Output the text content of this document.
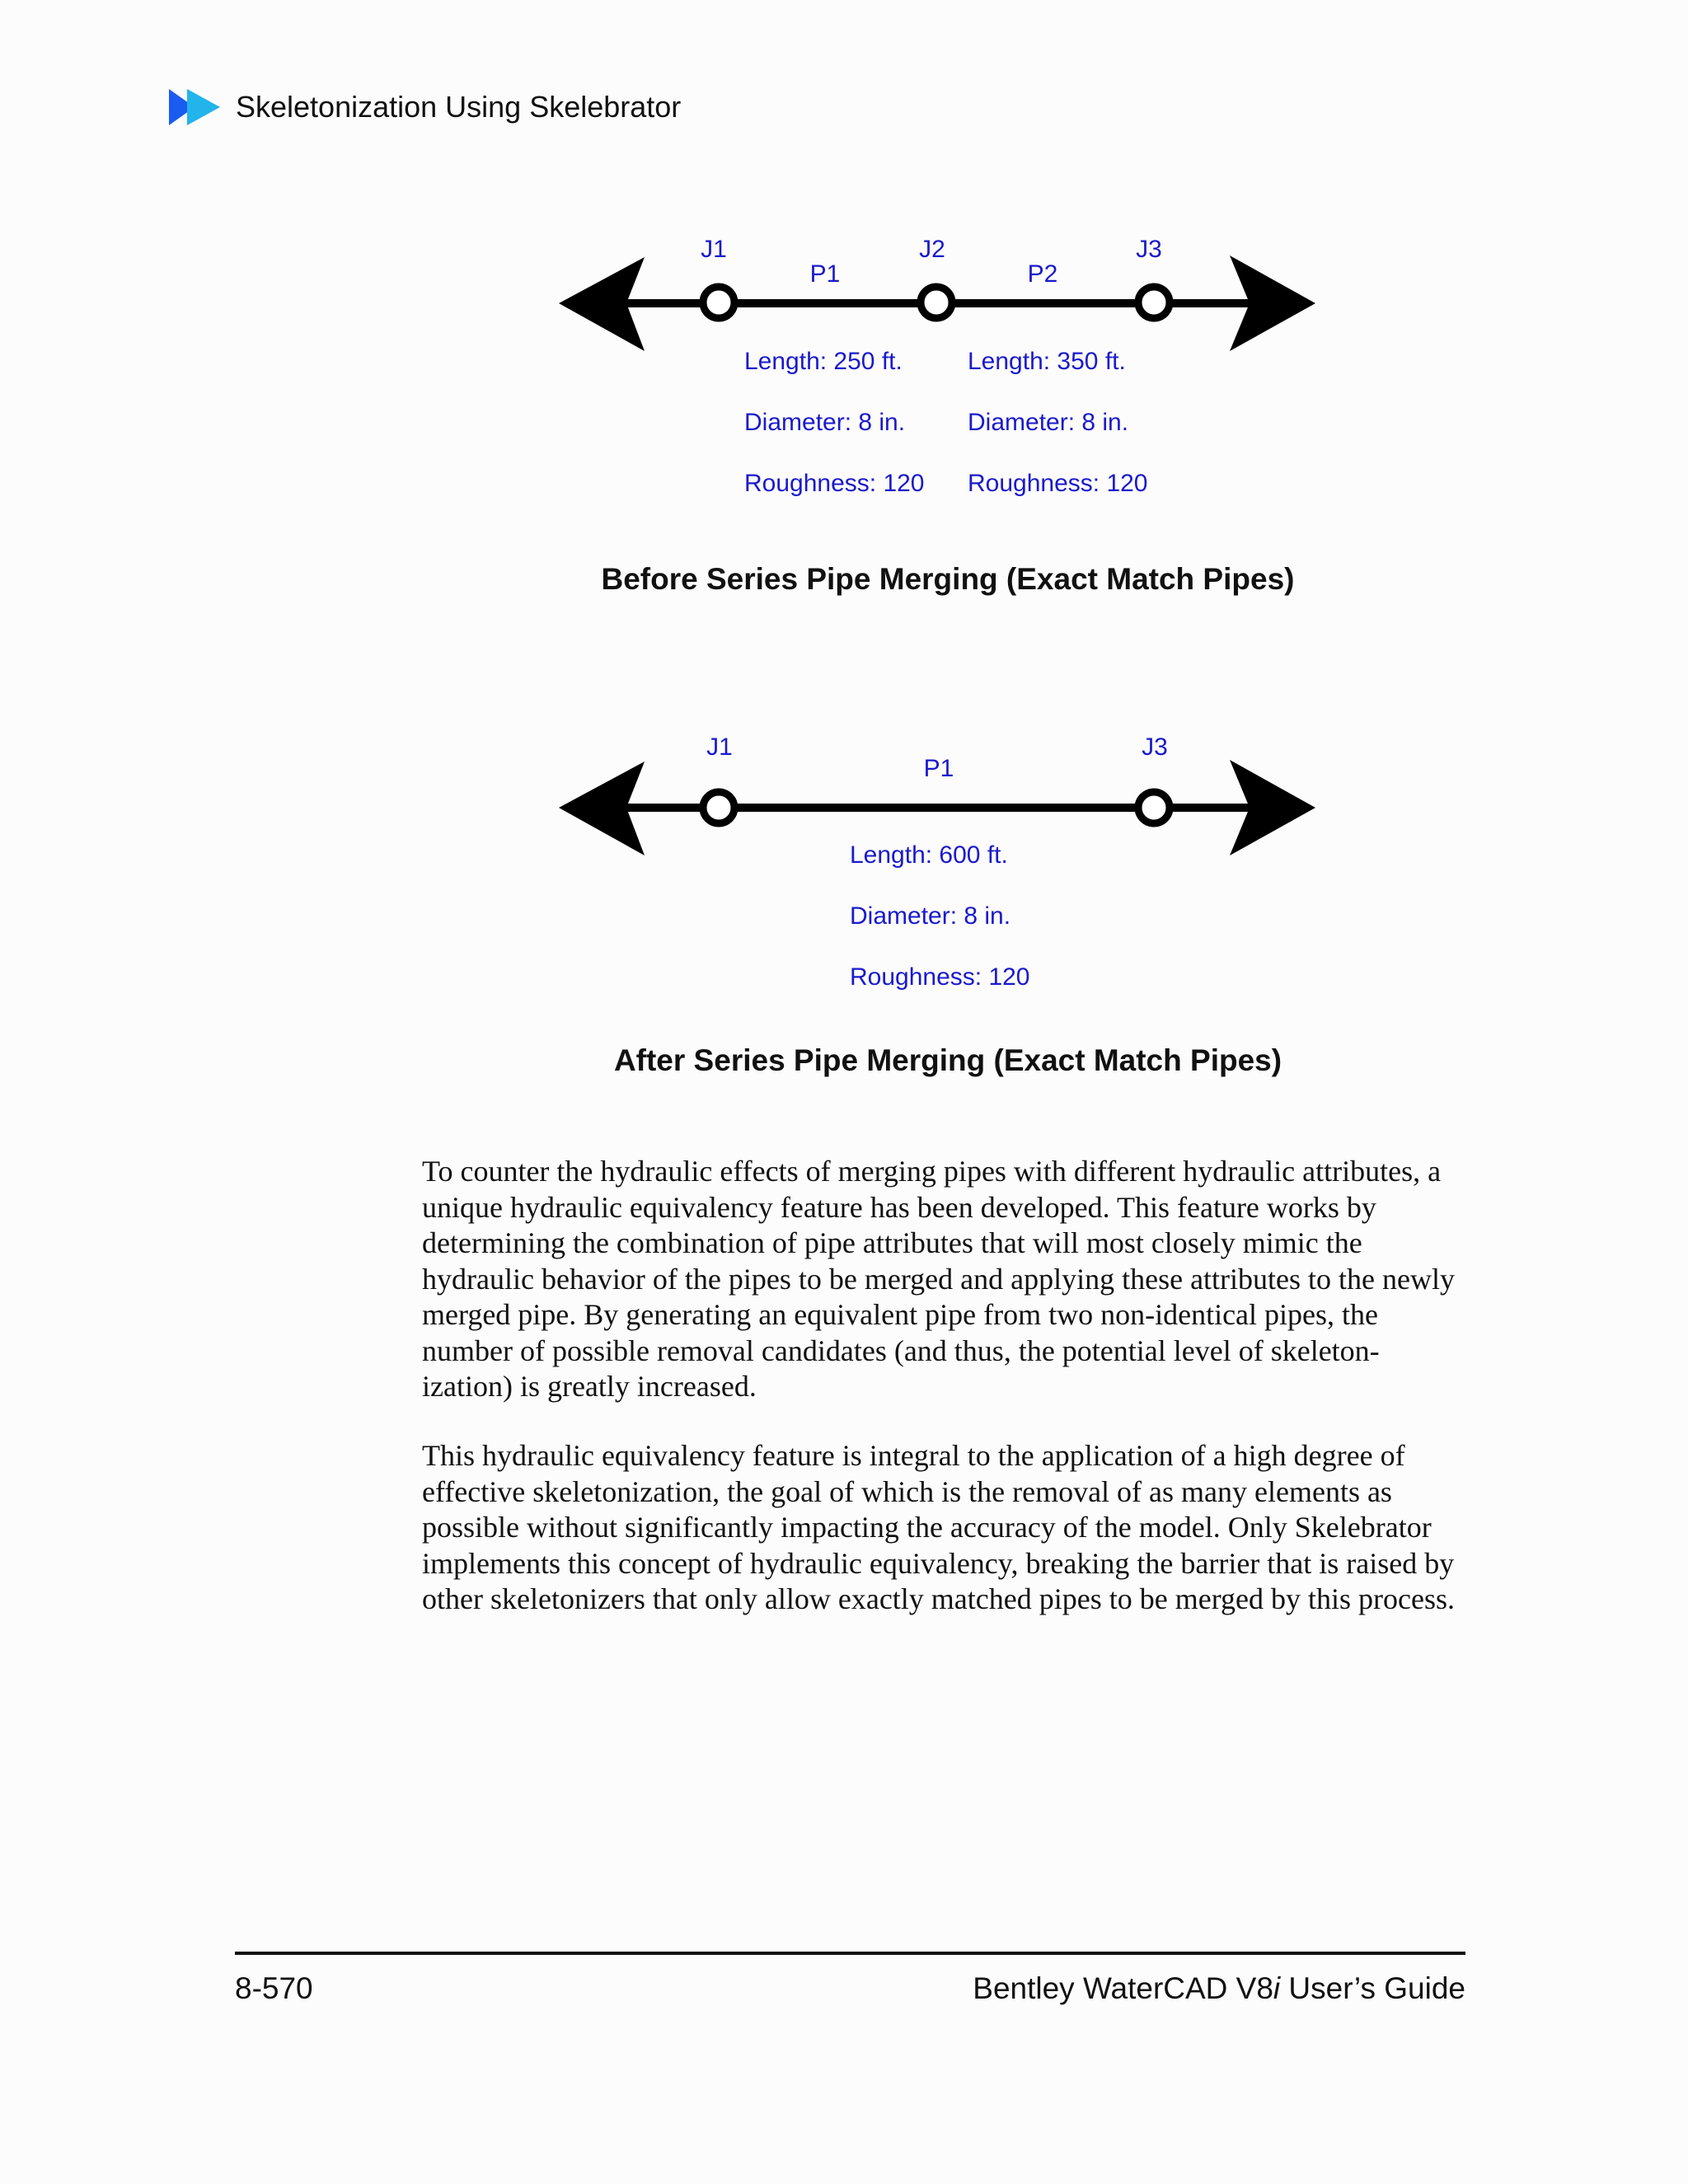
Skeletonization Using Skelebrator
J1	J2	J3
P1	P2
Length: 250 ft.
Diameter: 8 in.
Roughness: 120
Length: 350 ft.
Diameter: 8 in.
Roughness: 120
J1	J3
P1
Length: 600 ft.
Diameter: 8 in.
Roughness: 120
Before Series Pipe Merging (Exact Match Pipes)
After Series Pipe Merging (Exact Match Pipes)

To counter the hydraulic effects of merging pipes with different hydraulic attributes, a unique hydraulic equivalency feature has been developed. This feature works by determining the combination of pipe attributes that will most closely mimic the hydraulic behavior of the pipes to be merged and applying these attributes to the newly merged pipe. By generating an equivalent pipe from two non-identical pipes, the number of possible removal candidates (and thus, the potential level of skeleton-ization) is greatly increased.

This hydraulic equivalency feature is integral to the application of a high degree of effective skeletonization, the goal of which is the removal of as many elements as possible without significantly impacting the accuracy of the model. Only Skelebrator implements this concept of hydraulic equivalency, breaking the barrier that is raised by other skeletonizers that only allow exactly matched pipes to be merged by this process.

8-570	Bentley WaterCAD V8i User’s Guide
